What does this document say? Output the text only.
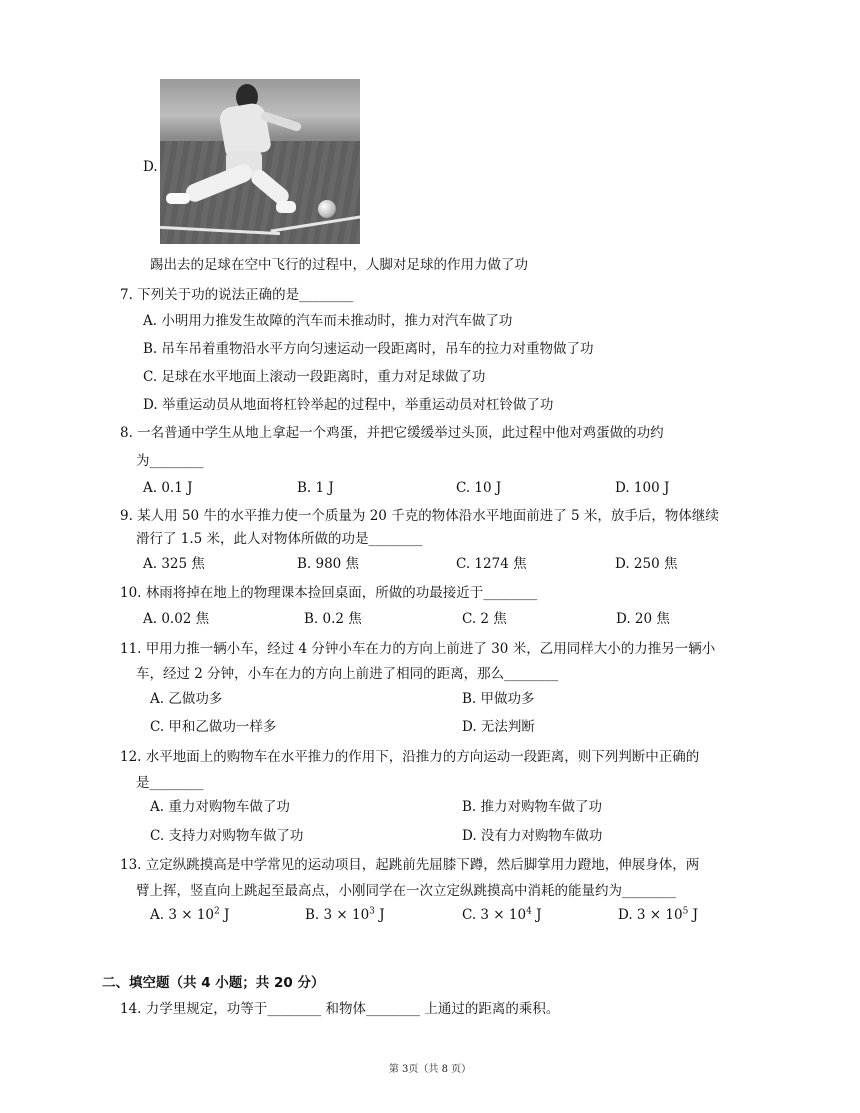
D.
踢出去的足球在空中飞行的过程中，人脚对足球的作用力做了功
7. 下列关于功的说法正确的是________
A. 小明用力推发生故障的汽车而未推动时，推力对汽车做了功
B. 吊车吊着重物沿水平方向匀速运动一段距离时，吊车的拉力对重物做了功
C. 足球在水平地面上滚动一段距离时，重力对足球做了功
D. 举重运动员从地面将杠铃举起的过程中，举重运动员对杠铃做了功
8. 一名普通中学生从地上拿起一个鸡蛋，并把它缓缓举过头顶，此过程中他对鸡蛋做的功约
为________
A. 0.1 J	B. 1 J	C. 10 J	D. 100 J
9. 某人用 50 牛的水平推力使一个质量为 20 千克的物体沿水平地面前进了 5 米，放手后，物体继续
滑行了 1.5 米，此人对物体所做的功是________
A. 325 焦	B. 980 焦	C. 1274 焦	D. 250 焦
10. 林雨将掉在地上的物理课本捡回桌面，所做的功最接近于________
A. 0.02 焦	B. 0.2 焦	C. 2 焦	D. 20 焦
11. 甲用力推一辆小车，经过 4 分钟小车在力的方向上前进了 30 米，乙用同样大小的力推另一辆小
车，经过 2 分钟，小车在力的方向上前进了相同的距离，那么________
A. 乙做功多	B. 甲做功多
C. 甲和乙做功一样多	D. 无法判断
12. 水平地面上的购物车在水平推力的作用下，沿推力的方向运动一段距离，则下列判断中正确的
是________
A. 重力对购物车做了功	B. 推力对购物车做了功
C. 支持力对购物车做了功	D. 没有力对购物车做功
13. 立定纵跳摸高是中学常见的运动项目，起跳前先屈膝下蹲，然后脚掌用力蹬地，伸展身体，两
臂上挥，竖直向上跳起至最高点，小刚同学在一次立定纵跳摸高中消耗的能量约为________
A. $3 \times 10^2$ J	B. $3 \times 10^3$ J	C. $3 \times 10^4$ J	D. $3 \times 10^5$ J
二、填空题（共 4 小题；共 20 分）
14. 力学里规定，功等于________ 和物体________ 上通过的距离的乘积。
第 3页（共 8 页）
